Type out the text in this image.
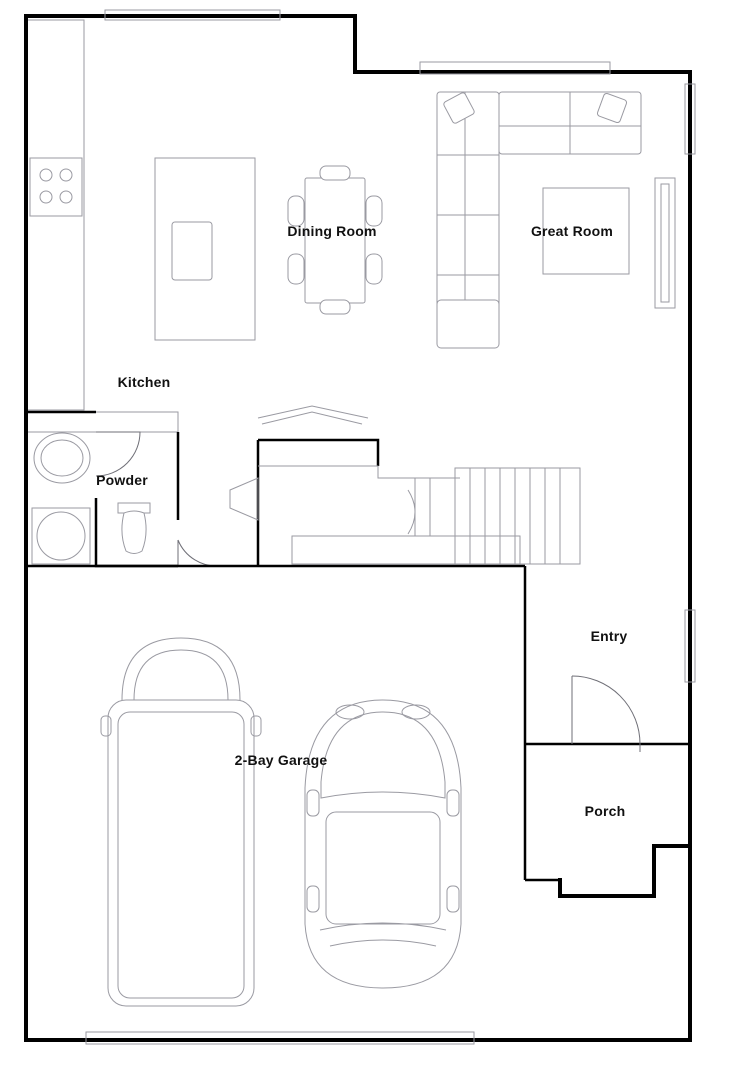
Dining Room	Great Room
Kitchen
Powder
Entry
2-Bay Garage
Porch
